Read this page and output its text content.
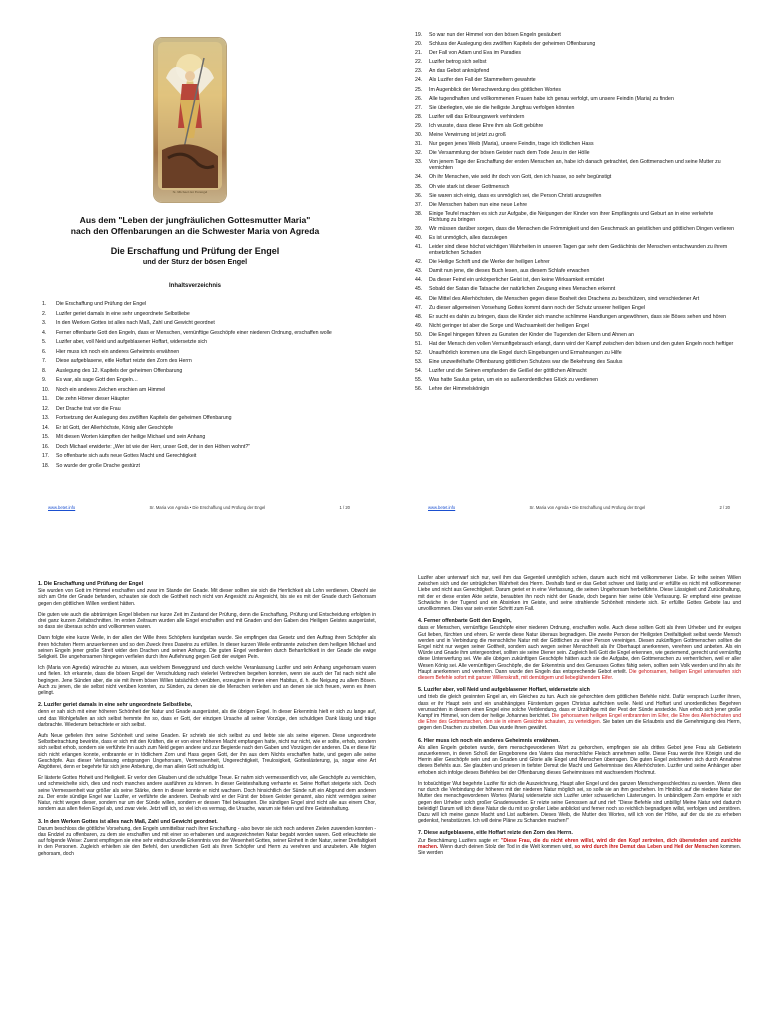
St. Michael der Erzengel
Aus dem "Leben der jungfräulichen Gottesmutter Maria"
nach den Offenbarungen an die Schwester Maria von Agreda
Die Erschaffung und Prüfung der Engel
und der Sturz der bösen Engel
Inhaltsverzeichnis
1.	Die Erschaffung und Prüfung der Engel
2.	Luzifer geriet damals in eine sehr ungeordnete Selbstliebe
3.	In den Werken Gottes ist alles nach Maß, Zahl und Gewicht geordnet
4.	Ferner offenbarte Gott den Engeln, dass er Menschen, vernünftige Geschöpfe einer niederen Ordnung, erschaffen wolle
5.	Luzifer aber, voll Neid und aufgeblasener Hoffart, widersetzte sich
6.	Hier muss ich noch ein anderes Geheimnis erwähnen
7.	Diese aufgeblasene, eitle Hoffart reizte den Zorn des Herrn
8.	Auslegung des 12. Kapitels der geheimen Offenbarung
9.	Es war, als sage Gott den Engeln…
10.	Noch ein anderes Zeichen erschien am Himmel
11.	Die zehn Hörner dieser Häupter
12.	Der Drache trat vor die Frau
13.	Fortsetzung der Auslegung des zwölften Kapitels der geheimen Offenbarung
14.	Er ist Gott, der Allerhöchste, König aller Geschöpfe
15.	Mit diesen Worten kämpften der heilige Michael und sein Anhang
16.	Doch Michael erwiderte: „Wer ist wie der Herr, unser Gott, der in den Höhen wohnt?"
17.	So offenbarte sich aufs neue Gottes Macht und Gerechtigkeit
18.	So wurde der große Drache gestürzt
www.betet.info	Sr. Maria von Agreda • Die Erschaffung und Prüfung der Engel	1 / 20
19.	So war nun der Himmel von den bösen Engeln gesäubert
20.	Schluss der Auslegung des zwölften Kapitels der geheimen Offenbarung
21.	Der Fall von Adam und Eva im Paradies
22.	Luzifer betrog sich selbst
23.	An das Gebot anknüpfend
24.	Als Luzifer den Fall der Stammeltern gewahrte
25.	Im Augenblick der Menschwerdung des göttlichen Wortes
26.	Alle tugendhaften und vollkommenen Frauen habe ich genau verfolgt, um unsere Feindin (Maria) zu finden
27.	Sie überlegten, wie sie die heiligste Jungfrau verfolgen könnten
28.	Luzifer will das Erlösungswerk verhindern
29.	Ich wusste, dass diese Ehre ihm als Gott gebühre
30.	Meine Verwirrung ist jetzt zu groß
31.	Nur gegen jenes Weib (Maria), unsere Feindin, trage ich tödlichen Hass
32.	Die Versammlung der bösen Geister nach dem Tode Jesu in der Hölle
33.	Von jenem Tage der Erschaffung der ersten Menschen an, habe ich danach getrachtet, den Gottmenschen und seine Mutter zu vernichten
34.	Oh ihr Menschen, wie seid ihr doch von Gott, den ich hasse, so sehr begünstigt
35.	Oh wie stark ist dieser Gottmensch
36.	Sie waren sich einig, dass es unmöglich sei, die Person Christi anzugreifen
37.	Die Menschen haben nun eine neue Lehre
38.	Einige Teufel machten es sich zur Aufgabe, die Neigungen der Kinder von ihrer Empfängnis und Geburt an in eine verkehrte Richtung zu bringen
39.	Wir müssen darüber sorgen, dass die Menschen die Frömmigkeit und den Geschmack an geistlichen und göttlichen Dingen verlieren
40.	Es ist unmöglich, alles darzulegen
41.	Leider sind diese höchst wichtigen Wahrheiten in unseren Tagen gar sehr dem Gedächtnis der Menschen entschwunden zu ihrem entsetzlichen Schaden
42.	Die Heilige Schrift und die Werke der heiligen Lehrer
43.	Damit nun jene, die dieses Buch lesen, aus diesem Schlafe erwachen
44.	Da dieser Feind ein unkörperlicher Geist ist, den keine Wirksamkeit ermüdet
45.	Sobald der Satan die Tatsache der natürlichen Zeugung eines Menschen erkennt
46.	Die Mittel des Allerhöchsten, die Menschen gegen diese Bosheit des Drachens zu beschützen, sind verschiedener Art
47.	Zu dieser allgemeinen Vorsehung Gottes kommt dann noch der Schutz unserer heiligen Engel
48.	Er sucht es dahin zu bringen, dass die Kinder sich manche schlimme Handlungen angewöhnen, dass sie Böses sehen und hören
49.	Nicht geringer ist aber die Sorge und Wachsamkeit der heiligen Engel
50.	Die Engel hingegen führen zu Gunsten der Kinder die Tugenden der Eltern und Ahnen an
51.	Hat der Mensch den vollen Vernunftgebrauch erlangt, dann wird der Kampf zwischen den bösen und den guten Engeln noch heftiger
52.	Unaufhörlich kommen uns die Engel durch Eingebungen und Ermahnungen zu Hilfe
53.	Eine unzweifelhafte Offenbarung göttlichen Schutzes war die Bekehrung des Saulus
54.	Luzifer und die Seinen empfanden die Geißel der göttlichen Allmacht
55.	Was hatte Saulus getan, um ein so außerordentliches Glück zu verdienen
56.	Lehre der Himmelskönigin
www.betet.info	Sr. Maria von Agreda • Die Erschaffung und Prüfung der Engel	2 / 20
1. Die Erschaffung und Prüfung der Engel

Sie wurden von Gott im Himmel erschaffen und zwar im Stande der Gnade. Mit dieser sollten sie sich die Herrlichkeit als Lohn verdienen. Obwohl sie sich am Orte der Gnade befanden, schauten sie doch die Gottheit noch nicht von Angesicht zu Angesicht, bis sie es mit der Gnade durch Gehorsam gegen den göttlichen Willen verdient hätten.

Die guten wie auch die abtrünnigen Engel blieben nur kurze Zeit im Zustand der Prüfung, denn die Erschaffung, Prüfung und Entscheidung erfolgten in drei ganz kurzen Zeitabschnitten. Im ersten Zeitraum wurden alle Engel erschaffen und mit Gnaden und den Gaben des Heiligen Geistes ausgerüstet, so dass sie überaus schön und vollkommen waren.

Dann folgte eine kurze Weile, in der allen der Wille ihres Schöpfers kundgetan wurde. Sie empfingen das Gesetz und den Auftrag ihren Schöpfer als ihren höchsten Herrn anzuerkennen und so den Zweck ihres Daseins zu erfüllen. In dieser kurzen Weile entbrannte zwischen dem heiligen Michael und seinen Engeln jener große Streit wider den Drachen und seinen Anhang. Die guten Engel verdienten durch Beharrlichkeit in der Gnade die ewige Seligkeit. Die ungehorsamen hingegen verfielen durch ihre Auflehnung gegen Gott der ewigen Pein.

Ich (Maria von Agreda) wünschte zu wissen, aus welchem Beweggrund und durch welche Veranlassung Luzifer und sein Anhang ungehorsam waren und fielen. Ich erkannte, dass die bösen Engel der Verschuldung nach vielerlei Verbrechen begehen konnten, wenn sie auch der Tat nach nicht alle begingen. Jene Sünden aber, die sie mit ihrem bösen Willen tatsächlich verübten, erzeugten in ihnen einen Habitus, d. h. die Neigung zu allem Bösen. Auch zu jenen, die sie selbst nicht verüben konnten, zu Sünden, zu denen sie die Menschen verleiten und an denen sie sich freuen, wenn es ihnen gelingt.

2. Luzifer geriet damals in eine sehr ungeordnete Selbstliebe,

denn er sah sich mit einer höheren Schönheit der Natur und Gnade ausgerüstet, als die übrigen Engel. In dieser Erkenntnis hielt er sich zu lange auf, und das Wohlgefallen an sich selbst hemmte ihn so, dass er Gott, der einzigen Ursache all seiner Vorzüge, den schuldigen Dank lässig und träge darbrachte. Wiederum betrachtete er sich selbst.

Aufs Neue gefielen ihm seine Schönheit und seine Gnaden. Er schrieb sie sich selbst zu und liebte sie als seine eigenen. Diese ungeordnete Selbstbetrachtung bewirkte, dass er sich mit den Kräften, die er von einer höheren Macht empfangen hatte, nicht nur nicht, wie er sollte, erhob, sondern sich selbst erhob, sondern sie verführte ihn auch zum Neid gegen andere und zur Begierde nach den Gaben und Vorzügen der anderen. Da er diese für sich nicht erlangen konnte, entbrannte er in tödlichem Zorn und Hass gegen Gott, der ihn aus dem Nichts erschaffen hatte, und gegen alle seine Geschöpfe. Aus dieser Verfassung entsprangen Ungehorsam, Vermessenheit, Ungerechtigkeit, Treulosigkeit, Gotteslästerung, ja, sogar eine Art Abgötterei, denn er begehrte für sich jene Anbetung, die man allein Gott schuldig ist.

Er lästerte Gottes Hoheit und Heiligkeit. Er verlor den Glauben und die schuldige Treue. Er nahm sich vermessentlich vor, alle Geschöpfe zu vernichten, und schmeichelte sich, dies und noch manches andere ausführen zu können. In dieser Geisteshaltung verharrte er. Seine Hoffart steigerte sich. Doch seine Vermessenheit war größer als seine Stärke, denn in dieser konnte er nicht wachsen. Doch hinsichtlich der Sünde ruft ein Abgrund dem anderen zu. Der erste sündige Engel war Luzifer, er verführte die anderen. Deshalb wird er der Fürst der bösen Geister genannt, also nicht vermöges seiner Natur, nicht wegen dieser, sondern nur um der Sünde willen, sondern er dessen Titel bekaupten. Die sündigen Engel sind nicht alle aus einem Chor, sondern aus allen fielen Engel ab, und zwar viele. Jetzt will ich, so viel ich es vermag, die Ursache, warum sie fielen und ihre Geisteshaltung.

3. In den Werken Gottes ist alles nach Maß, Zahl und Gewicht geordnet.

Darum beschloss die göttliche Vorsehung, den Engeln unmittelbar nach ihrer Erschaffung - also bevor sie sich noch anderen Zielen zuwenden konnten - das Endziel zu offenbaren, zu dem sie erschaffen und mit einer so erhabenen und ausgezeichneten Natur begabt worden waren. Gott erleuchtete sie auf folgende Weise: Zuerst empfingen sie eine sehr eindrucksvolle Erkenntnis von der Wesenheit Gottes, seiner Einheit in der Natur, seiner Dreifaltigkeit in den Personen. Zugleich erhielten sie den Befehl, den unendlichen Gott als ihren Schöpfer und Herrn zu verehren und anzubeten. Alle folgten gehorsam, doch

Luzifer aber unterwarf sich nur, weil ihm das Gegenteil unmöglich schien, darum auch nicht mit vollkommener Liebe. Er teilte seinen Willen zwischen sich und der untrüglichen Wahrheit des Herrn. Deshalb fand er das Gebot schwer und lästig und er erfüllte es nicht mit vollkommener Liebe und nicht aus Gerechtigkeit. Darum geriet er in eine Verfassung, die seinen Ungehorsam herbeiführte. Diese Lässigkeit und Zurückhaltung, mit der er diese ersten Akte setzte, beraubten ihn noch nicht der Gnade, doch begann hier seine üble Verfassung. Er empfand eine gewisse Schwäche in der Tugend und ein Absinken im Geiste, und seine strahlende Schönheit minderte sich. Er erfüllte Gottes Gebote lau und unvollkommen. Dies war sein erster Schritt zum Fall.

4. Ferner offenbarte Gott den Engeln,

dass er Menschen, vernünftige Geschöpfe einer niederen Ordnung, erschaffen wolle. Auch diese sollten Gott als ihren Urheber und ihr ewiges Gut lieben, fürchten und ehren. Er werde diese Natur überaus begnadigen. Die zweite Person der Heiligsten Dreifaltigkeit selbst werde Mensch werden und in Verbindung die menschliche Natur mit der Göttlichen zu einer Person vereinigen. Diesen zukünftigen Gottmenschen sollten die Engel nicht nur wegen seiner Gottheit, sondern auch wegen seiner Menschheit als ihr Oberhaupt anerkennen, verehren und anbeten. Als ein Würde und Gnade ihm untergeordnet, sollten sie seine Diener sein. Zugleich ließ Gott die Engel erkennen, wie geziemend, gerecht und vernünftig diese Unterwerfung sei. Wie alle übrigen zukünftigen Geschöpfe hätten auch sie die Aufgabe, den Gottmenschen zu verherrlichen, weil er aller Wesen König sei. Alle vernünftigen Geschöpfe, die der Erkenntnis und des Genusses Gottes fähig seien, sollten sein Volk werden und ihn als ihr Haupt anerkennen und verehren. Dann wurde den Engeln das entsprechende Gebot erteilt. Die gehorsamen, heiligen Engel unterwarfen sich diesem Befehle sofort mit ganzer Willenskraft, mit demütigem und liebeglühendem Eifer.

5. Luzifer aber, voll Neid und aufgeblasener Hoffart, widersetzte sich

und trieb die gleich gesinnten Engel an, ein Gleiches zu tun. Auch sie gehorchten dem göttlichen Befehle nicht. Dafür versprach Luzifer ihnen, dass er ihr Haupt sein und ein unabhängiges Fürstentum gegen Christus aufrichten wolle. Neid und Hoffart und unordentliches Begehren verursachten in diesem einen Engel eine solche Verblendung, dass er Urzählige mit der Pest der Sünde ansteckte. Nun erhob sich jener große Kampf im Himmel, von dem der heilige Johannes berichtet. Die gehorsamen heiligen Engel entbrannten im Eifer, die Ehre des Allerhöchsten und die Ehre des Gottmenschen, den sie in einem Gesichte schauten, zu verteidigen. Sie baten um die Erlaubnis und die Genehmigung des Herrn, gegen den Drachen zu streiten. Das wurde ihnen gewährt.

6. Hier muss ich noch ein anderes Geheimnis erwähnen.

Als allen Engeln geboten wurde, dem menschgewordenen Wort zu gehorchen, empfingen sie als drittes Gebot jene Frau als Gebieterin anzuerkennen, in deren Schoß der Eingeborene des Vaters das menschliche Fleisch annehmen sollte. Diese Frau werde ihre Königin und die Herrin aller Geschöpfe sein und an Gnaden und Glorie alle Engel und Menschen überragen. Die guten Engel zeichneten sich durch Annahme dieses Befehls aus. Sie glaubten und priesen in tiefster Demut die Macht und Geheimnisse des Allerhöchsten. Luzifer und seine Anhänger aber erhoben sich infolge dieses Befehles bei der Offenbarung dieses Geheimnisses mit wachsendem Hochmut.

In tobsüchtiger Wut begehrte Luzifer für sich die Auszeichnung, Haupt aller Engel und des ganzen Menschengeschlechtes zu werden. Wenn dies nur durch die Verbindung der höheren mit der niederen Natur möglich sei, so solle sie an ihm geschehen. Im Hinblick auf die niedere Natur der Mutter des menschgewordenen Wortes (Maria) widersetzte sich Luzifer unter schauerlichen Lästerungen. In unbändigem Zorn empörte er sich gegen den Urheber solch großer Gnadenwunder. Er reizte seine Genossen auf und rief: "Diese Befehle sind unbillig! Meine Natur wird dadurch beleidigt! Darum will ich diese Natur die du mit so großer Liebe anblickst und ferner noch so reichlich begnadigen willst, verfolgen und zerstören. Dazu will ich meine ganze Macht und List aufbieten. Dieses Weib, die Mutter des Wortes, will ich von der Höhe, auf der du sie zu erheben gedenkst, herabstürzen. Ich will deine Pläne zu Schanden machen!"

7. Diese aufgeblasene, eitle Hoffart reizte den Zorn des Herrn.

Zur Beschämung Luzifers sagte er: "Diese Frau, die du nicht ehren willst, wird dir den Kopf zertreten, dich überwinden und zunichte machen. Wenn durch deinen Stolz der Tod in die Welt kommen wird, so wird durch ihre Demut das Leben und Heil der Menschen kommen. Sie werden
